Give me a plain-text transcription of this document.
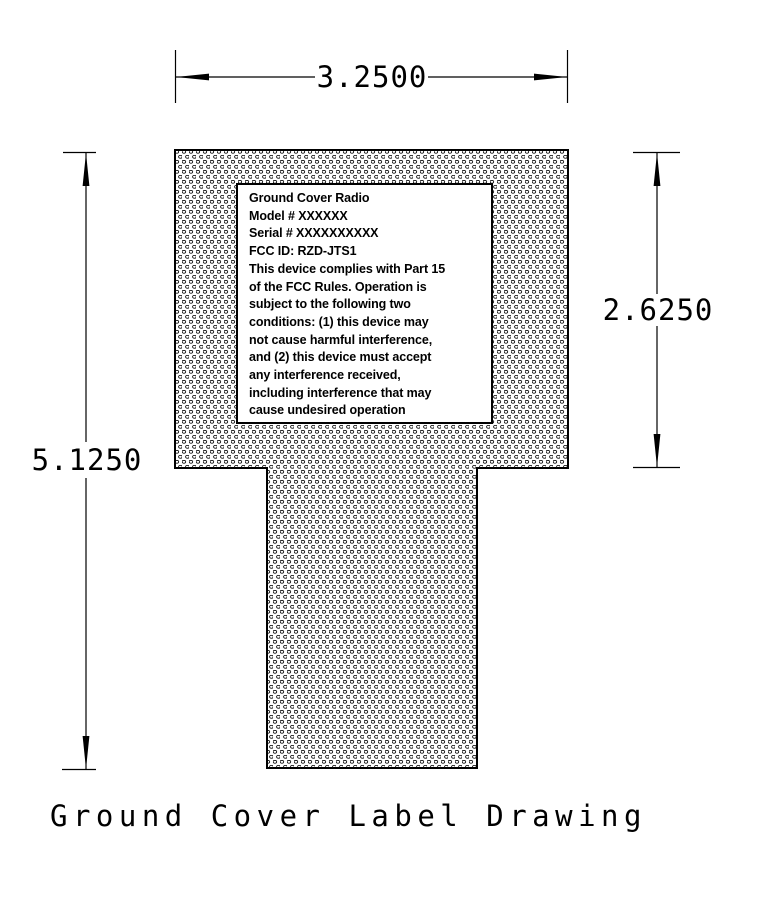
Ground Cover Radio
Model # XXXXXX
Serial # XXXXXXXXXX
FCC ID: RZD-JTS1
This device complies with Part 15
of the FCC Rules. Operation is
subject to the following two
conditions: (1) this device may
not cause harmful interference,
and (2) this device must accept
any interference received,
including interference that may
cause undesired operation
3.2500
2.6250
5.1250
Ground Cover Label Drawing
